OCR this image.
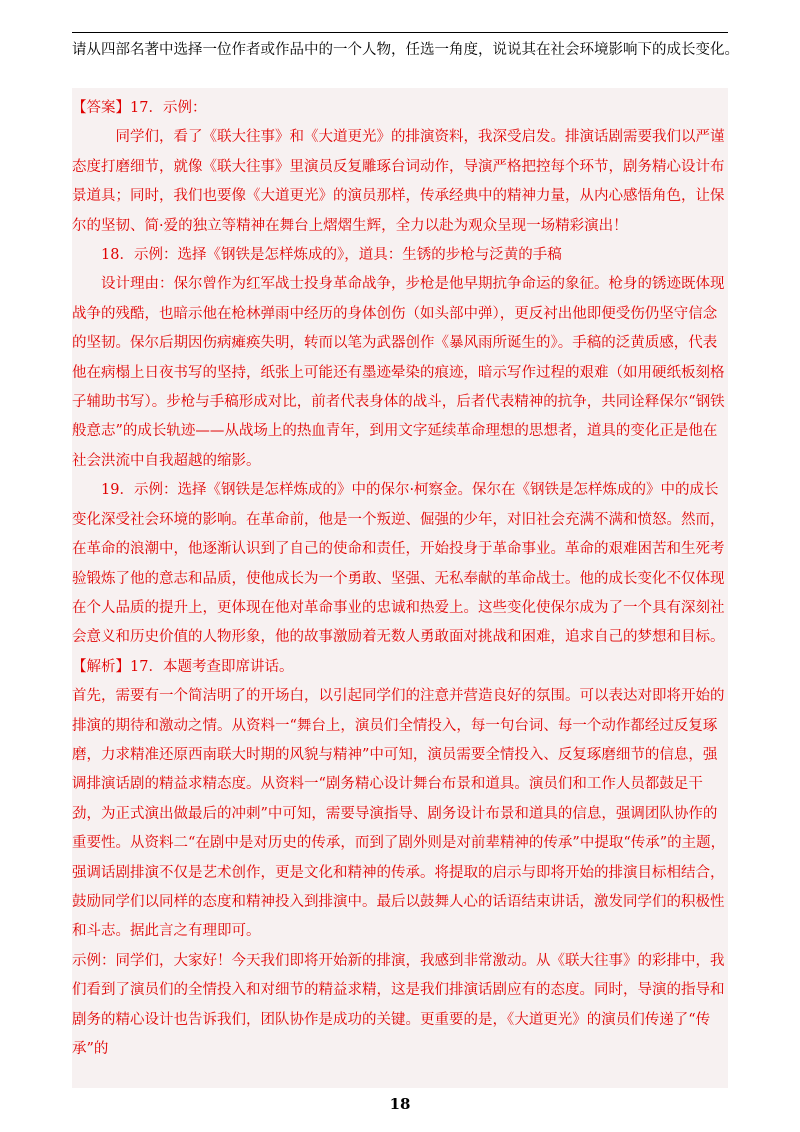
请从四部名著中选择一位作者或作品中的一个人物，任选一角度，说说其在社会环境影响下的成长变化。

【答案】17．示例：

同学们，看了《联大往事》和《大道更光》的排演资料，我深受启发。排演话剧需要我们以严谨态度打磨细节，就像《联大往事》里演员反复雕琢台词动作，导演严格把控每个环节，剧务精心设计布景道具；同时，我们也要像《大道更光》的演员那样，传承经典中的精神力量，从内心感悟角色，让保尔的坚韧、简·爱的独立等精神在舞台上熠熠生辉，全力以赴为观众呈现一场精彩演出！

18．示例：选择《钢铁是怎样炼成的》，道具：生锈的步枪与泛黄的手稿

设计理由：保尔曾作为红军战士投身革命战争，步枪是他早期抗争命运的象征。枪身的锈迹既体现战争的残酷，也暗示他在枪林弹雨中经历的身体创伤（如头部中弹），更反衬出他即便受伤仍坚守信念的坚韧。保尔后期因伤病瘫痪失明，转而以笔为武器创作《暴风雨所诞生的》。手稿的泛黄质感，代表他在病榻上日夜书写的坚持，纸张上可能还有墨迹晕染的痕迹，暗示写作过程的艰难（如用硬纸板刻格子辅助书写）。步枪与手稿形成对比，前者代表身体的战斗，后者代表精神的抗争，共同诠释保尔“钢铁般意志”的成长轨迹——从战场上的热血青年，到用文字延续革命理想的思想者，道具的变化正是他在社会洪流中自我超越的缩影。

19．示例：选择《钢铁是怎样炼成的》中的保尔·柯察金。保尔在《钢铁是怎样炼成的》中的成长变化深受社会环境的影响。在革命前，他是一个叛逆、倔强的少年，对旧社会充满不满和愤怒。然而，在革命的浪潮中，他逐渐认识到了自己的使命和责任，开始投身于革命事业。革命的艰难困苦和生死考验锻炼了他的意志和品质，使他成长为一个勇敢、坚强、无私奉献的革命战士。他的成长变化不仅体现在个人品质的提升上，更体现在他对革命事业的忠诚和热爱上。这些变化使保尔成为了一个具有深刻社会意义和历史价值的人物形象，他的故事激励着无数人勇敢面对挑战和困难，追求自己的梦想和目标。

【解析】17．本题考查即席讲话。

首先，需要有一个简洁明了的开场白，以引起同学们的注意并营造良好的氛围。可以表达对即将开始的排演的期待和激动之情。从资料一“舞台上，演员们全情投入，每一句台词、每一个动作都经过反复琢磨，力求精准还原西南联大时期的风貌与精神”中可知，演员需要全情投入、反复琢磨细节的信息，强调排演话剧的精益求精态度。从资料一“剧务精心设计舞台布景和道具。演员们和工作人员都鼓足干劲，为正式演出做最后的冲刺”中可知，需要导演指导、剧务设计布景和道具的信息，强调团队协作的重要性。从资料二“在剧中是对历史的传承，而到了剧外则是对前辈精神的传承”中提取“传承”的主题，强调话剧排演不仅是艺术创作，更是文化和精神的传承。将提取的启示与即将开始的排演目标相结合，鼓励同学们以同样的态度和精神投入到排演中。最后以鼓舞人心的话语结束讲话，激发同学们的积极性和斗志。据此言之有理即可。

示例：同学们，大家好！今天我们即将开始新的排演，我感到非常激动。从《联大往事》的彩排中，我们看到了演员们的全情投入和对细节的精益求精，这是我们排演话剧应有的态度。同时，导演的指导和剧务的精心设计也告诉我们，团队协作是成功的关键。更重要的是，《大道更光》的演员们传递了“传承”的

18
